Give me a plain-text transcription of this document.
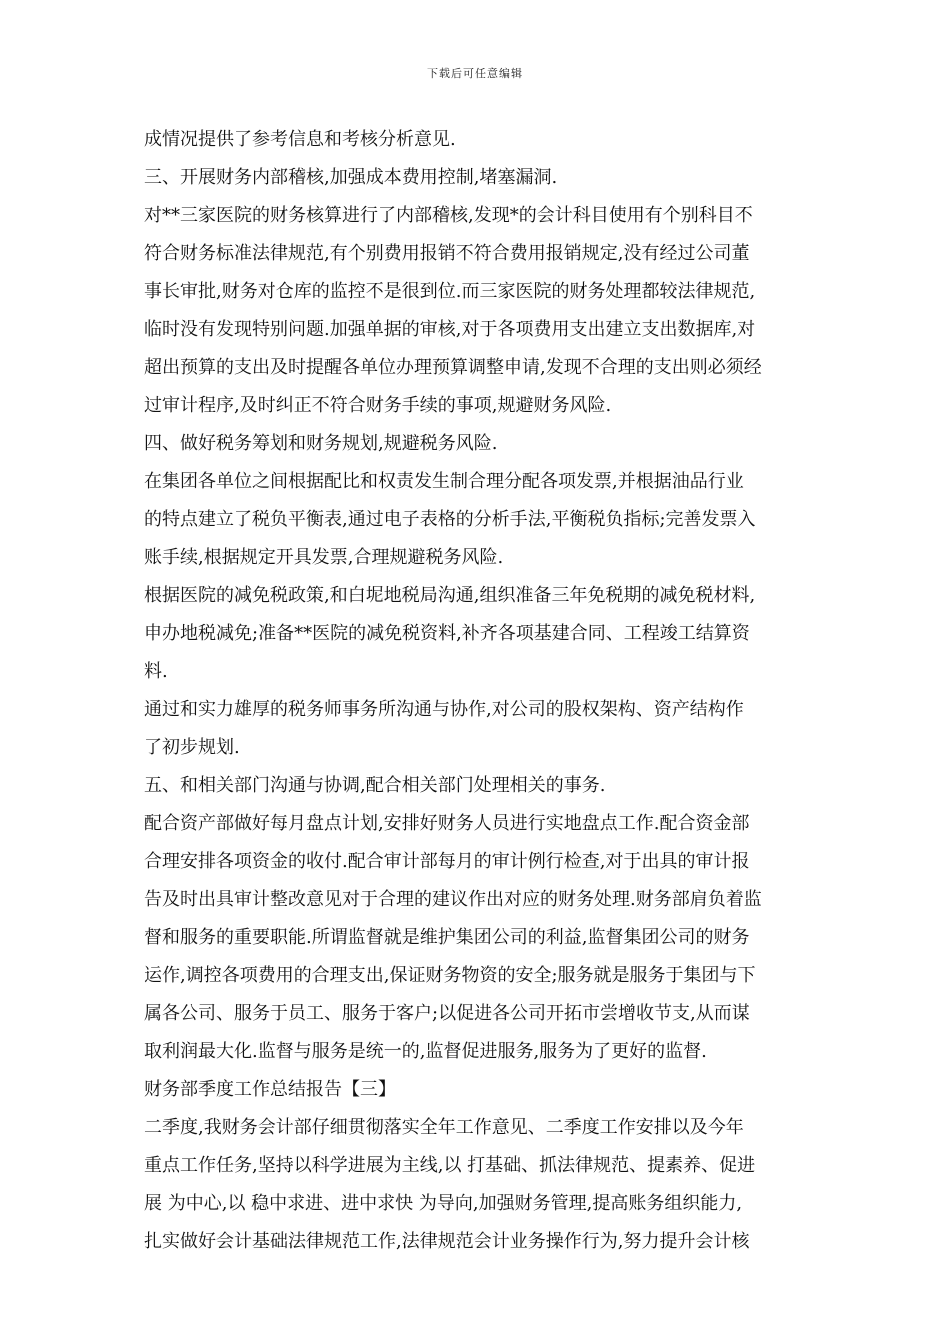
下载后可任意编辑
成情况提供了参考信息和考核分析意见.
三、开展财务内部稽核,加强成本费用控制,堵塞漏洞.
对**三家医院的财务核算进行了内部稽核,发现*的会计科目使用有个别科目不
符合财务标准法律规范,有个别费用报销不符合费用报销规定,没有经过公司董
事长审批,财务对仓库的监控不是很到位.而三家医院的财务处理都较法律规范,
临时没有发现特别问题.加强单据的审核,对于各项费用支出建立支出数据库,对
超出预算的支出及时提醒各单位办理预算调整申请,发现不合理的支出则必须经
过审计程序,及时纠正不符合财务手续的事项,规避财务风险.
四、做好税务筹划和财务规划,规避税务风险.
在集团各单位之间根据配比和权责发生制合理分配各项发票,并根据油品行业
的特点建立了税负平衡表,通过电子表格的分析手法,平衡税负指标;完善发票入
账手续,根据规定开具发票,合理规避税务风险.
根据医院的减免税政策,和白坭地税局沟通,组织准备三年免税期的减免税材料,
申办地税减免;准备**医院的减免税资料,补齐各项基建合同、工程竣工结算资
料.
通过和实力雄厚的税务师事务所沟通与协作,对公司的股权架构、资产结构作
了初步规划.
五、和相关部门沟通与协调,配合相关部门处理相关的事务.
配合资产部做好每月盘点计划,安排好财务人员进行实地盘点工作.配合资金部
合理安排各项资金的收付.配合审计部每月的审计例行检查,对于出具的审计报
告及时出具审计整改意见对于合理的建议作出对应的财务处理.财务部肩负着监
督和服务的重要职能.所谓监督就是维护集团公司的利益,监督集团公司的财务
运作,调控各项费用的合理支出,保证财务物资的安全;服务就是服务于集团与下
属各公司、服务于员工、服务于客户;以促进各公司开拓市尝增收节支,从而谋
取利润最大化.监督与服务是统一的,监督促进服务,服务为了更好的监督.
财务部季度工作总结报告【三】
二季度,我财务会计部仔细贯彻落实全年工作意见、二季度工作安排以及今年
重点工作任务,坚持以科学进展为主线,以 打基础、抓法律规范、提素养、促进
展 为中心,以 稳中求进、进中求快 为导向,加强财务管理,提高账务组织能力,
扎实做好会计基础法律规范工作,法律规范会计业务操作行为,努力提升会计核
